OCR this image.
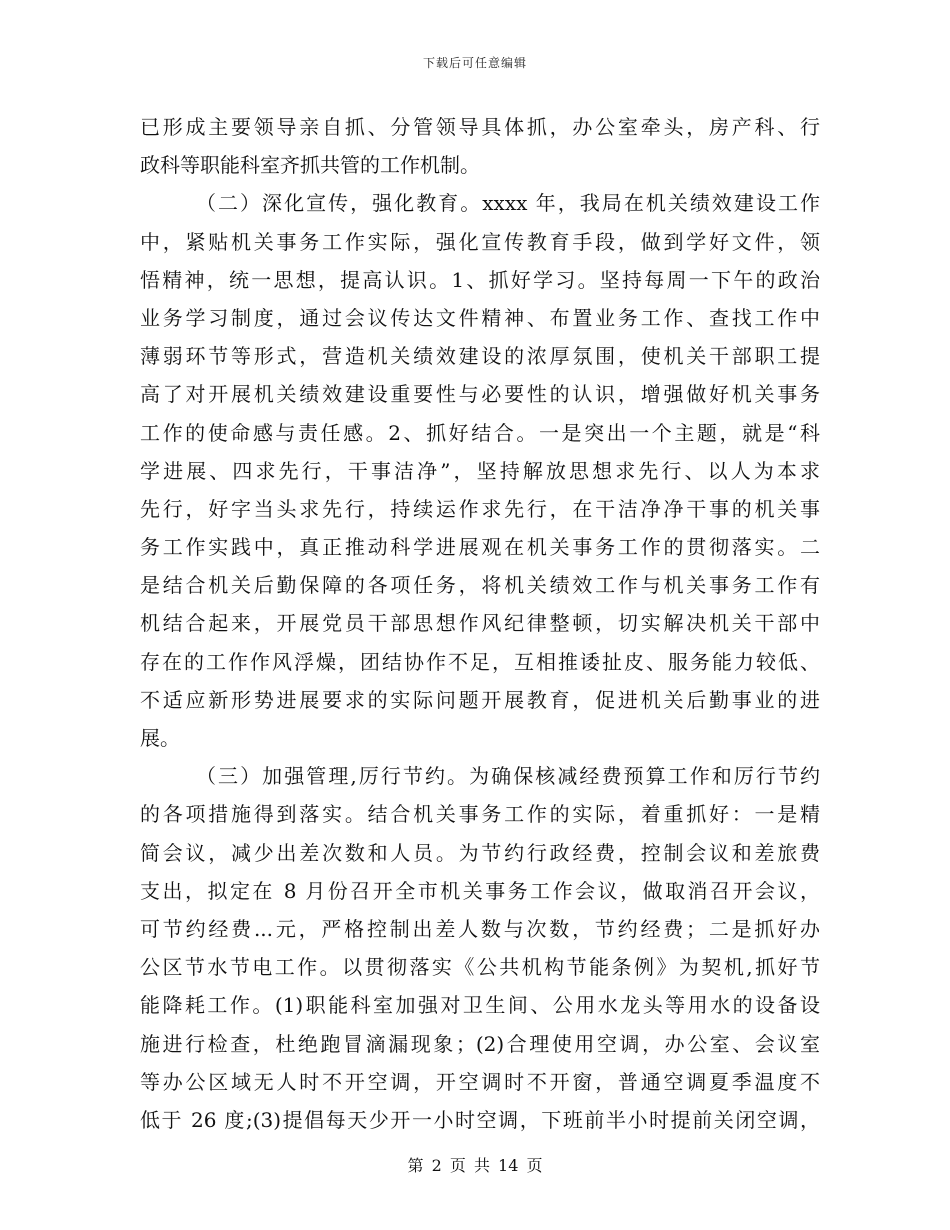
下载后可任意编辑
已形成主要领导亲自抓、分管领导具体抓，办公室牵头，房产科、行
政科等职能科室齐抓共管的工作机制。
（二）深化宣传，强化教育。xxxx 年，我局在机关绩效建设工作
中，紧贴机关事务工作实际，强化宣传教育手段，做到学好文件，领
悟精神，统一思想，提高认识。1、抓好学习。坚持每周一下午的政治
业务学习制度，通过会议传达文件精神、布置业务工作、查找工作中
薄弱环节等形式，营造机关绩效建设的浓厚氛围，使机关干部职工提
高了对开展机关绩效建设重要性与必要性的认识，增强做好机关事务
工作的使命感与责任感。2、抓好结合。一是突出一个主题，就是“科
学进展、四求先行，干事洁净”，坚持解放思想求先行、以人为本求
先行，好字当头求先行，持续运作求先行，在干洁净净干事的机关事
务工作实践中，真正推动科学进展观在机关事务工作的贯彻落实。二
是结合机关后勤保障的各项任务，将机关绩效工作与机关事务工作有
机结合起来，开展党员干部思想作风纪律整顿，切实解决机关干部中
存在的工作作风浮燥，团结协作不足，互相推诿扯皮、服务能力较低、
不适应新形势进展要求的实际问题开展教育，促进机关后勤事业的进
展。
（三）加强管理,厉行节约。为确保核减经费预算工作和厉行节约
的各项措施得到落实。结合机关事务工作的实际，着重抓好：一是精
简会议，减少出差次数和人员。为节约行政经费，控制会议和差旅费
支出，拟定在 8 月份召开全市机关事务工作会议，做取消召开会议，
可节约经费...元，严格控制出差人数与次数，节约经费；二是抓好办
公区节水节电工作。以贯彻落实《公共机构节能条例》为契机,抓好节
能降耗工作。(1)职能科室加强对卫生间、公用水龙头等用水的设备设
施进行检查，杜绝跑冒滴漏现象；(2)合理使用空调，办公室、会议室
等办公区域无人时不开空调，开空调时不开窗，普通空调夏季温度不
低于 26 度;(3)提倡每天少开一小时空调，下班前半小时提前关闭空调，
第 2 页 共 14 页
